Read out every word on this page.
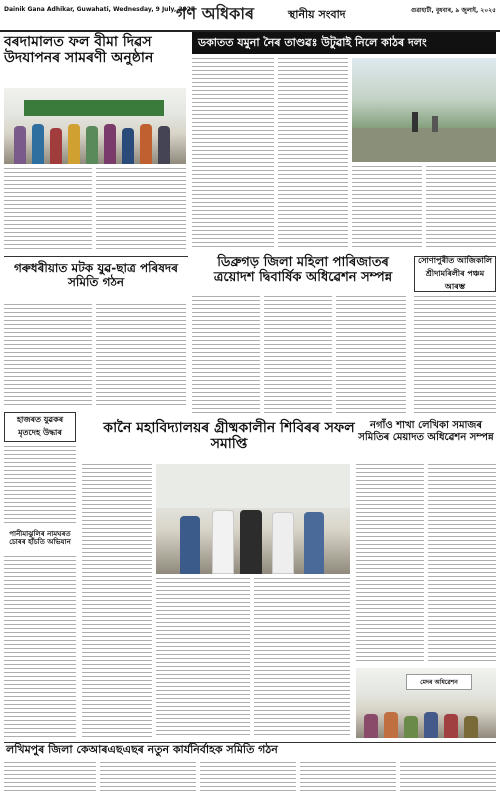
Dainik Gana Adhikar, Guwahati, Wednesday, 9 July, 2025
গণ অধিকাৰ	স্থানীয় সংবাদ	গুৱাহাটী, বুধবাৰ, ৯ জুলাই, ২০২৫
বৰদামালত ফল বীমা দিৱস উদযাপনৰ সামৰণী অনুষ্ঠান
ডকাতত যমুনা নৈৰ তাণ্ডৱঃ উটুৱাই নিলে কাঠৰ দলং
ডিব্ৰুগড় জিলা মহিলা পাৰিজাতৰ ত্ৰয়োদশ দ্বিবাৰ্ষিক অধিৱেশন সম্পন্ন
সোণাপুৰীত আজিকালি শ্ৰীদামৰিলীৰ পঞ্চম আৰম্ভ
গৰুধৰীয়াত মটক যুৱ-ছাত্ৰ পৰিষদৰ সমিতি গঠন
হাজৰত যুৱকৰ মৃতদেহ উদ্ধাৰ
পানীমাঝুলিৰ নামঘৰত চোৰৰ হাঁচতি অভিযান
কানৈ মহাবিদ্যালয়ৰ গ্ৰীষ্মকালীন শিবিৰৰ সফল সমাপ্তি
নগাঁও শাখা লেখিকা সমাজৰ সমিতিৰ মেয়াদত অধিৱেশন সম্পন্ন
মেদৰ অধিৱেশন
লখিমপুৰ জিলা কেআৰএছএছৰ নতুন কাৰ্যনিৰ্বাহক সমিতি গঠন
